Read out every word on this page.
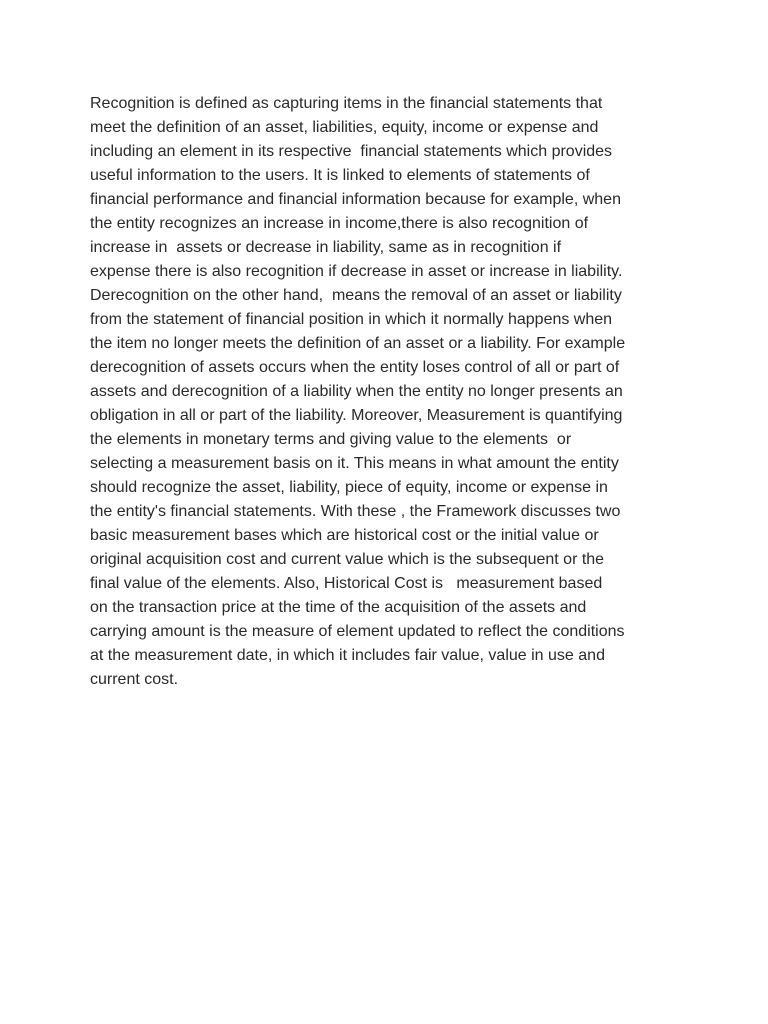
Recognition is defined as capturing items in the financial statements that
meet the definition of an asset, liabilities, equity, income or expense and
including an element in its respective  financial statements which provides
useful information to the users. It is linked to elements of statements of
financial performance and financial information because for example, when
the entity recognizes an increase in income,there is also recognition of
increase in  assets or decrease in liability, same as in recognition if
expense there is also recognition if decrease in asset or increase in liability.
Derecognition on the other hand,  means the removal of an asset or liability
from the statement of financial position in which it normally happens when
the item no longer meets the definition of an asset or a liability. For example
derecognition of assets occurs when the entity loses control of all or part of
assets and derecognition of a liability when the entity no longer presents an
obligation in all or part of the liability. Moreover, Measurement is quantifying
the elements in monetary terms and giving value to the elements  or
selecting a measurement basis on it. This means in what amount the entity
should recognize the asset, liability, piece of equity, income or expense in
the entity's financial statements. With these , the Framework discusses two
basic measurement bases which are historical cost or the initial value or
original acquisition cost and current value which is the subsequent or the
final value of the elements. Also, Historical Cost is   measurement based
on the transaction price at the time of the acquisition of the assets and
carrying amount is the measure of element updated to reflect the conditions
at the measurement date, in which it includes fair value, value in use and
current cost.
